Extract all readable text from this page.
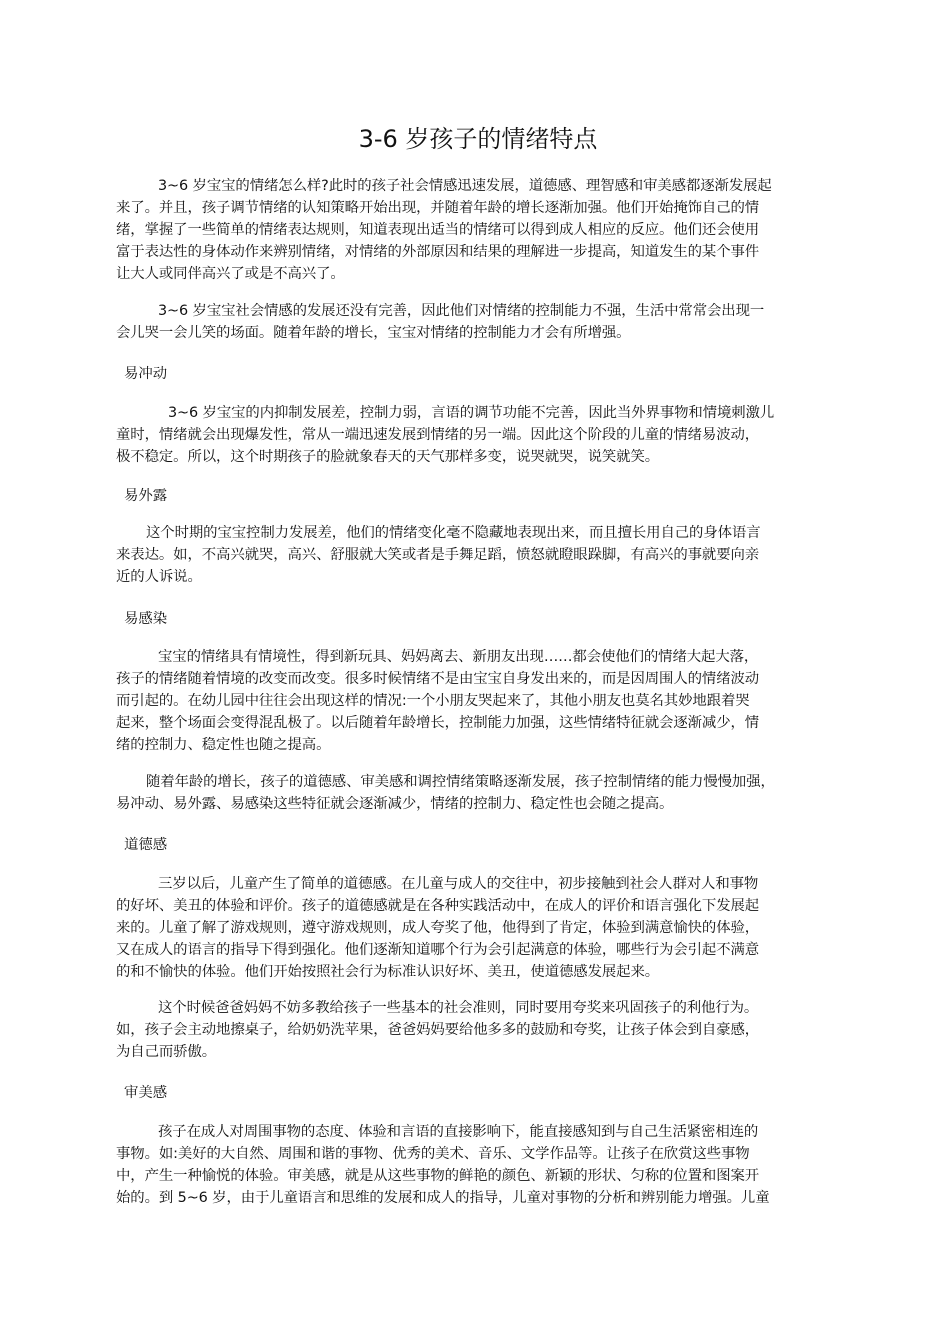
3-6 岁孩子的情绪特点
3~6 岁宝宝的情绪怎么样?此时的孩子社会情感迅速发展，道德感、理智感和审美感都逐渐发展起
来了。并且，孩子调节情绪的认知策略开始出现，并随着年龄的增长逐渐加强。他们开始掩饰自己的情
绪，掌握了一些简单的情绪表达规则，知道表现出适当的情绪可以得到成人相应的反应。他们还会使用
富于表达性的身体动作来辨别情绪，对情绪的外部原因和结果的理解进一步提高，知道发生的某个事件
让大人或同伴高兴了或是不高兴了。
3~6 岁宝宝社会情感的发展还没有完善，因此他们对情绪的控制能力不强，生活中常常会出现一
会儿哭一会儿笑的场面。随着年龄的增长，宝宝对情绪的控制能力才会有所增强。
易冲动
3~6 岁宝宝的内抑制发展差，控制力弱，言语的调节功能不完善，因此当外界事物和情境刺激儿
童时，情绪就会出现爆发性，常从一端迅速发展到情绪的另一端。因此这个阶段的儿童的情绪易波动，
极不稳定。所以，这个时期孩子的脸就象春天的天气那样多变，说哭就哭，说笑就笑。
易外露
这个时期的宝宝控制力发展差，他们的情绪变化毫不隐藏地表现出来，而且擅长用自己的身体语言
来表达。如，不高兴就哭，高兴、舒服就大笑或者是手舞足蹈，愤怒就瞪眼跺脚，有高兴的事就要向亲
近的人诉说。
易感染
宝宝的情绪具有情境性，得到新玩具、妈妈离去、新朋友出现……都会使他们的情绪大起大落，
孩子的情绪随着情境的改变而改变。很多时候情绪不是由宝宝自身发出来的，而是因周围人的情绪波动
而引起的。在幼儿园中往往会出现这样的情况:一个小朋友哭起来了，其他小朋友也莫名其妙地跟着哭
起来，整个场面会变得混乱极了。以后随着年龄增长，控制能力加强，这些情绪特征就会逐渐减少，情
绪的控制力、稳定性也随之提高。
随着年龄的增长，孩子的道德感、审美感和调控情绪策略逐渐发展，孩子控制情绪的能力慢慢加强，
易冲动、易外露、易感染这些特征就会逐渐减少，情绪的控制力、稳定性也会随之提高。
道德感
三岁以后，儿童产生了简单的道德感。在儿童与成人的交往中，初步接触到社会人群对人和事物
的好坏、美丑的体验和评价。孩子的道德感就是在各种实践活动中，在成人的评价和语言强化下发展起
来的。儿童了解了游戏规则，遵守游戏规则，成人夸奖了他，他得到了肯定，体验到满意愉快的体验，
又在成人的语言的指导下得到强化。他们逐渐知道哪个行为会引起满意的体验，哪些行为会引起不满意
的和不愉快的体验。他们开始按照社会行为标准认识好坏、美丑，使道德感发展起来。
这个时候爸爸妈妈不妨多教给孩子一些基本的社会准则，同时要用夸奖来巩固孩子的利他行为。
如，孩子会主动地擦桌子，给奶奶洗苹果，爸爸妈妈要给他多多的鼓励和夸奖，让孩子体会到自豪感，
为自己而骄傲。
审美感
孩子在成人对周围事物的态度、体验和言语的直接影响下，能直接感知到与自己生活紧密相连的
事物。如:美好的大自然、周围和谐的事物、优秀的美术、音乐、文学作品等。让孩子在欣赏这些事物
中，产生一种愉悦的体验。审美感，就是从这些事物的鲜艳的颜色、新颖的形状、匀称的位置和图案开
始的。到 5~6 岁，由于儿童语言和思维的发展和成人的指导，儿童对事物的分析和辨别能力增强。儿童
